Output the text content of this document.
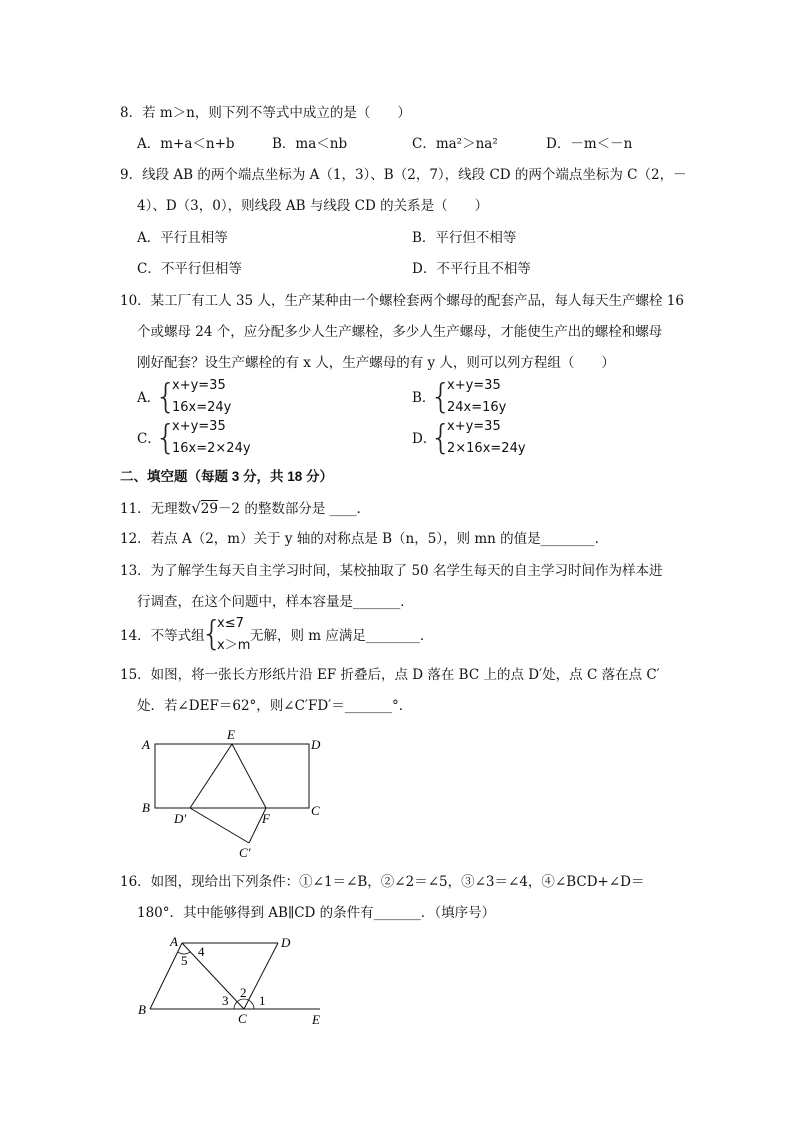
8．若 m＞n，则下列不等式中成立的是（　　）
A．m+a＜n+b	B．ma＜nb	C．ma²＞na²	D．－m＜－n
9．线段 AB 的两个端点坐标为 A（1，3）、B（2，7），线段 CD 的两个端点坐标为 C（2，－
4）、D（3，0），则线段 AB 与线段 CD 的关系是（　　）
A．平行且相等	B．平行但不相等
C．不平行但相等	D．不平行且不相等
10．某工厂有工人 35 人，生产某种由一个螺栓套两个螺母的配套产品，每人每天生产螺栓 16
个或螺母 24 个，应分配多少人生产螺栓，多少人生产螺母，才能使生产出的螺栓和螺母
刚好配套？设生产螺栓的有 x 人，生产螺母的有 y 人，则可以列方程组（　　）
A．
{
x+y=35
16x=24y
B．
{
x+y=35
24x=16y
C．
{
x+y=35
16x=2×24y
D．
{
x+y=35
2×16x=24y
二、填空题（每题 3 分，共 18 分）
11．无理数√29－2 的整数部分是 ____．
12．若点 A（2，m）关于 y 轴的对称点是 B（n，5），则 mn 的值是________．
13．为了解学生每天自主学习时间，某校抽取了 50 名学生每天的自主学习时间作为样本进
行调查，在这个问题中，样本容量是_______．
14．不等式组
{
x≤7
x＞m
无解，则 m 应满足________．
15．如图，将一张长方形纸片沿 EF 折叠后，点 D 落在 BC 上的点 D′处，点 C 落在点 C′
处．若∠DEF＝62°，则∠C′FD′＝_______°．
A
E
D
B
D′	F
C
C′
16．如图，现给出下列条件：①∠1＝∠B，②∠2＝∠5，③∠3＝∠4，④∠BCD+∠D＝
180°．其中能够得到 AB∥CD 的条件有_______．（填序号）
A	D
B
C	E
1
2
3
4
5
